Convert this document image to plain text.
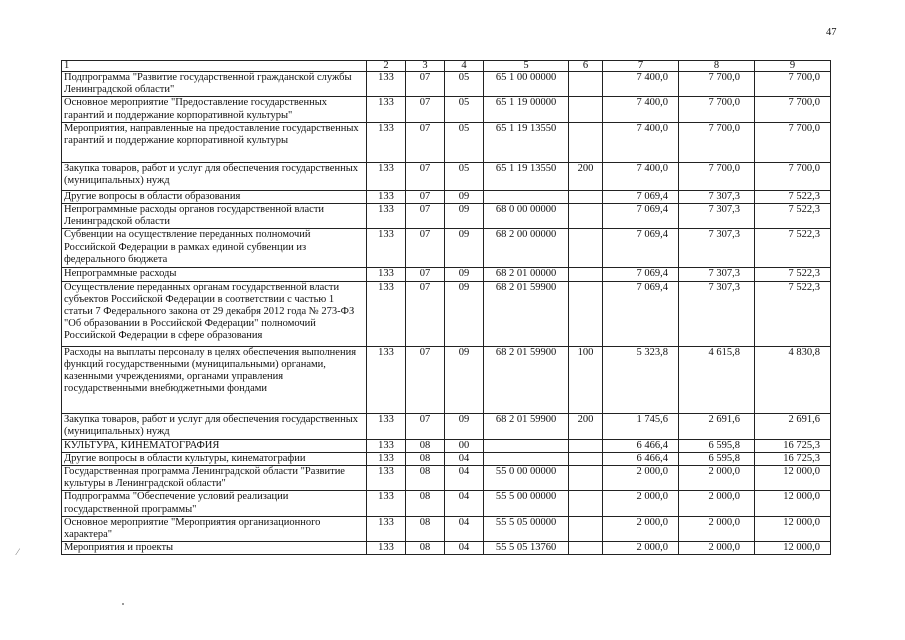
47
1	2	3	4	5	6	7	8	9
Подпрограмма "Развитие государственной гражданской службы Ленинградской области"	133	07	05	65 1 00 00000		7 400,0	7 700,0	7 700,0
Основное мероприятие "Предоставление государственных гарантий и поддержание корпоративной культуры"	133	07	05	65 1 19 00000		7 400,0	7 700,0	7 700,0
Мероприятия, направленные на предоставление государственных гарантий и поддержание корпоративной культуры	133	07	05	65 1 19 13550		7 400,0	7 700,0	7 700,0
Закупка товаров, работ и услуг для обеспечения государственных (муниципальных) нужд	133	07	05	65 1 19 13550	200	7 400,0	7 700,0	7 700,0
Другие вопросы в области образования	133	07	09			7 069,4	7 307,3	7 522,3
Непрограммные расходы органов государственной власти Ленинградской области	133	07	09	68 0 00 00000		7 069,4	7 307,3	7 522,3
Субвенции на осуществление переданных полномочий Российской Федерации в рамках единой субвенции из федерального бюджета	133	07	09	68 2 00 00000		7 069,4	7 307,3	7 522,3
Непрограммные расходы	133	07	09	68 2 01 00000		7 069,4	7 307,3	7 522,3
Осуществление переданных органам государственной власти субъектов Российской Федерации в соответствии с частью 1 статьи 7 Федерального закона от 29 декабря 2012 года № 273-ФЗ "Об образовании в Российской Федерации" полномочий Российской Федерации в сфере образования	133	07	09	68 2 01 59900		7 069,4	7 307,3	7 522,3
Расходы на выплаты персоналу в целях обеспечения выполнения функций государственными (муниципальными) органами, казенными учреждениями, органами управления государственными внебюджетными фондами	133	07	09	68 2 01 59900	100	5 323,8	4 615,8	4 830,8
Закупка товаров, работ и услуг для обеспечения государственных (муниципальных) нужд	133	07	09	68 2 01 59900	200	1 745,6	2 691,6	2 691,6
КУЛЬТУРА, КИНЕМАТОГРАФИЯ	133	08	00			6 466,4	6 595,8	16 725,3
Другие вопросы в области культуры, кинематографии	133	08	04			6 466,4	6 595,8	16 725,3
Государственная программа Ленинградской области "Развитие культуры в Ленинградской области"	133	08	04	55 0 00 00000		2 000,0	2 000,0	12 000,0
Подпрограмма "Обеспечение условий реализации государственной программы"	133	08	04	55 5 00 00000		2 000,0	2 000,0	12 000,0
Основное мероприятие "Мероприятия организационного характера"	133	08	04	55 5 05 00000		2 000,0	2 000,0	12 000,0
Мероприятия и проекты	133	08	04	55 5 05 13760		2 000,0	2 000,0	12 000,0
⁄
